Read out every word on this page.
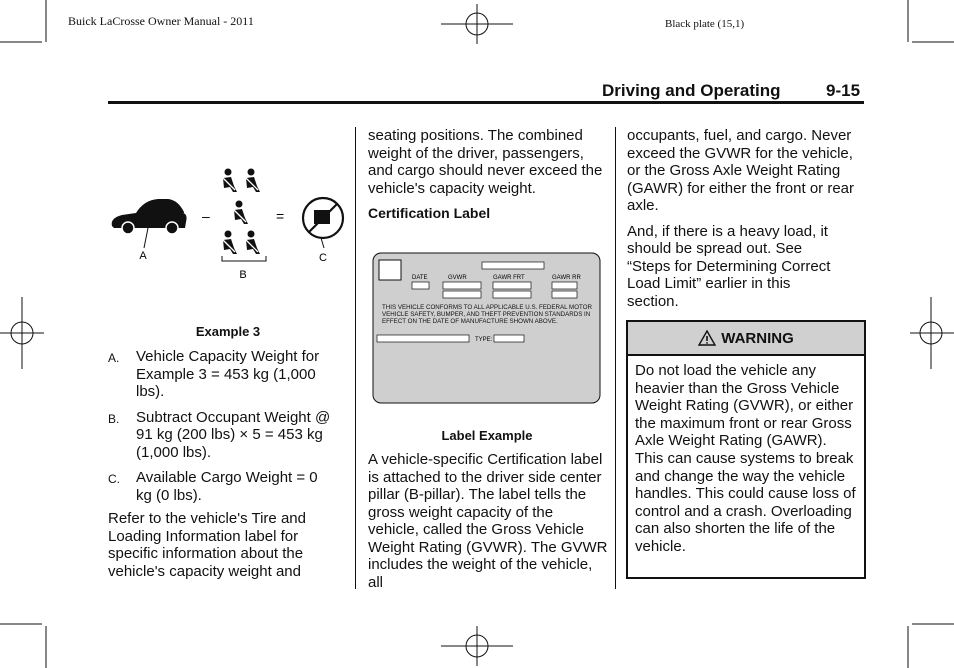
Buick LaCrosse Owner Manual - 2011	Black plate (15,1)
Driving and Operating	9-15
A
–
B
=
C
Example 3
A.	Vehicle Capacity Weight for Example 3 = 453 kg (1,000 lbs).
B.	Subtract Occupant Weight @ 91 kg (200 lbs) × 5 = 453 kg (1,000 lbs).
C.	Available Cargo Weight = 0 kg (0 lbs).
Refer to the vehicle's Tire and Loading Information label for specific information about the vehicle's capacity weight and

seating positions. The combined weight of the driver, passengers, and cargo should never exceed the vehicle's capacity weight.

Certification Label

DATE	GVWR	GAWR FRT	GAWR RR
THIS VEHICLE CONFORMS TO ALL APPLICABLE U.S. FEDERAL MOTOR VEHICLE SAFETY, BUMPER, AND THEFT PREVENTION STANDARDS IN EFFECT ON THE DATE OF MANUFACTURE SHOWN ABOVE.
TYPE:
Label Example
A vehicle-specific Certification label is attached to the driver side center pillar (B-pillar). The label tells the gross weight capacity of the vehicle, called the Gross Vehicle Weight Rating (GVWR). The GVWR includes the weight of the vehicle, all

occupants, fuel, and cargo. Never exceed the GVWR for the vehicle, or the Gross Axle Weight Rating (GAWR) for either the front or rear axle.

And, if there is a heavy load, it should be spread out. See “Steps for Determining Correct Load Limit” earlier in this section.

WARNING
Do not load the vehicle any heavier than the Gross Vehicle Weight Rating (GVWR), or either the maximum front or rear Gross Axle Weight Rating (GAWR). This can cause systems to break and change the way the vehicle handles. This could cause loss of control and a crash. Overloading can also shorten the life of the vehicle.
